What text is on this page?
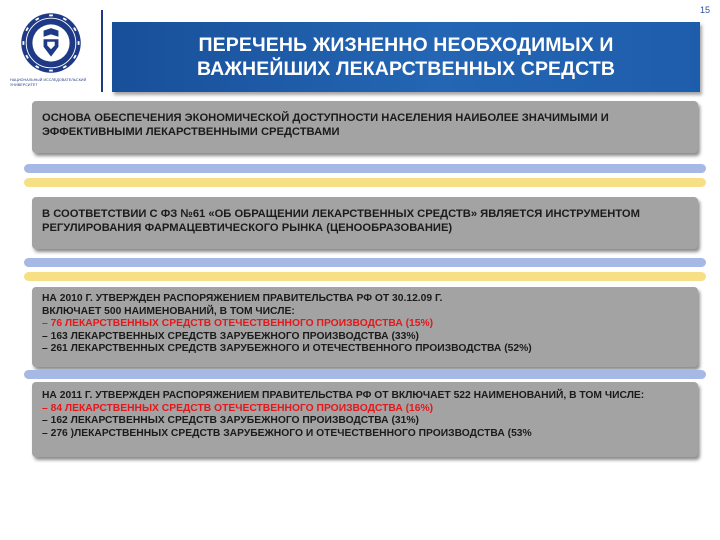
15
НАЦИОНАЛЬНЫЙ ИССЛЕДОВАТЕЛЬСКИЙ УНИВЕРСИТЕТ
ПЕРЕЧЕНЬ ЖИЗНЕННО НЕОБХОДИМЫХ И ВАЖНЕЙШИХ ЛЕКАРСТВЕННЫХ СРЕДСТВ
ОСНОВА ОБЕСПЕЧЕНИЯ ЭКОНОМИЧЕСКОЙ ДОСТУПНОСТИ НАСЕЛЕНИЯ НАИБОЛЕЕ ЗНАЧИМЫМИ И
ЭФФЕКТИВНЫМИ ЛЕКАРСТВЕННЫМИ СРЕДСТВАМИ
В СООТВЕТСТВИИ С ФЗ №61 «ОБ ОБРАЩЕНИИ ЛЕКАРСТВЕННЫХ СРЕДСТВ» ЯВЛЯЕТСЯ ИНСТРУМЕНТОМ
РЕГУЛИРОВАНИЯ ФАРМАЦЕВТИЧЕСКОГО РЫНКА (ЦЕНООБРАЗОВАНИЕ)
НА 2010 Г. УТВЕРЖДЕН РАСПОРЯЖЕНИЕМ ПРАВИТЕЛЬСТВА РФ ОТ 30.12.09 Г.
ВКЛЮЧАЕТ 500 НАИМЕНОВАНИЙ, В ТОМ ЧИСЛЕ:
– 76 ЛЕКАРСТВЕННЫХ СРЕДСТВ ОТЕЧЕСТВЕННОГО ПРОИЗВОДСТВА (15%)
– 163 ЛЕКАРСТВЕННЫХ СРЕДСТВ ЗАРУБЕЖНОГО ПРОИЗВОДСТВА (33%)
– 261 ЛЕКАРСТВЕННЫХ СРЕДСТВ ЗАРУБЕЖНОГО И ОТЕЧЕСТВЕННОГО ПРОИЗВОДСТВА (52%)
НА 2011 Г. УТВЕРЖДЕН РАСПОРЯЖЕНИЕМ ПРАВИТЕЛЬСТВА РФ ОТ ВКЛЮЧАЕТ 522 НАИМЕНОВАНИЙ, В ТОМ ЧИСЛЕ:
– 84 ЛЕКАРСТВЕННЫХ СРЕДСТВ ОТЕЧЕСТВЕННОГО ПРОИЗВОДСТВА (16%)
– 162 ЛЕКАРСТВЕННЫХ СРЕДСТВ ЗАРУБЕЖНОГО ПРОИЗВОДСТВА (31%)
– 276 )ЛЕКАРСТВЕННЫХ СРЕДСТВ ЗАРУБЕЖНОГО И ОТЕЧЕСТВЕННОГО ПРОИЗВОДСТВА (53%
